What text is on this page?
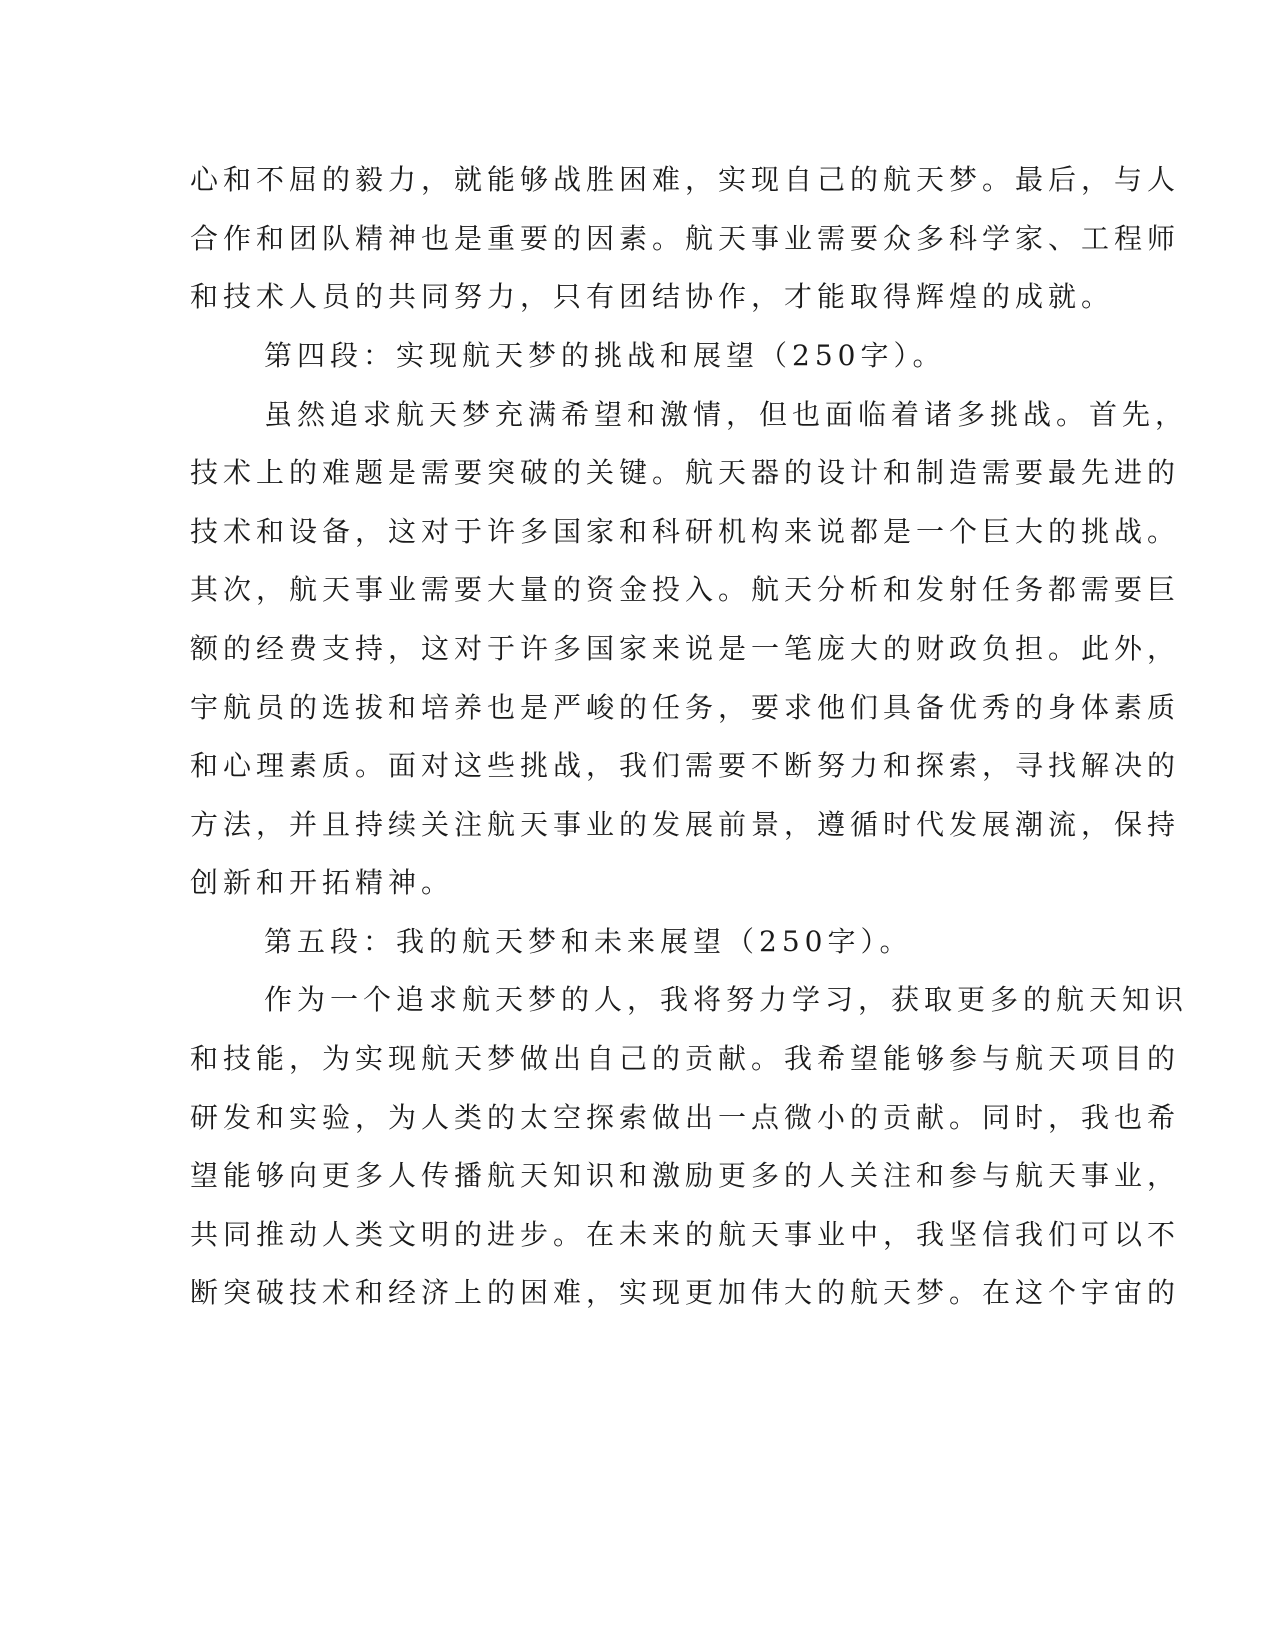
心和不屈的毅力，就能够战胜困难，实现自己的航天梦。最后，与人
合作和团队精神也是重要的因素。航天事业需要众多科学家、工程师
和技术人员的共同努力，只有团结协作，才能取得辉煌的成就。
第四段：实现航天梦的挑战和展望（250字）。
虽然追求航天梦充满希望和激情，但也面临着诸多挑战。首先，
技术上的难题是需要突破的关键。航天器的设计和制造需要最先进的
技术和设备，这对于许多国家和科研机构来说都是一个巨大的挑战。
其次，航天事业需要大量的资金投入。航天分析和发射任务都需要巨
额的经费支持，这对于许多国家来说是一笔庞大的财政负担。此外，
宇航员的选拔和培养也是严峻的任务，要求他们具备优秀的身体素质
和心理素质。面对这些挑战，我们需要不断努力和探索，寻找解决的
方法，并且持续关注航天事业的发展前景，遵循时代发展潮流，保持
创新和开拓精神。
第五段：我的航天梦和未来展望（250字）。
作为一个追求航天梦的人，我将努力学习，获取更多的航天知识
和技能，为实现航天梦做出自己的贡献。我希望能够参与航天项目的
研发和实验，为人类的太空探索做出一点微小的贡献。同时，我也希
望能够向更多人传播航天知识和激励更多的人关注和参与航天事业，
共同推动人类文明的进步。在未来的航天事业中，我坚信我们可以不
断突破技术和经济上的困难，实现更加伟大的航天梦。在这个宇宙的
